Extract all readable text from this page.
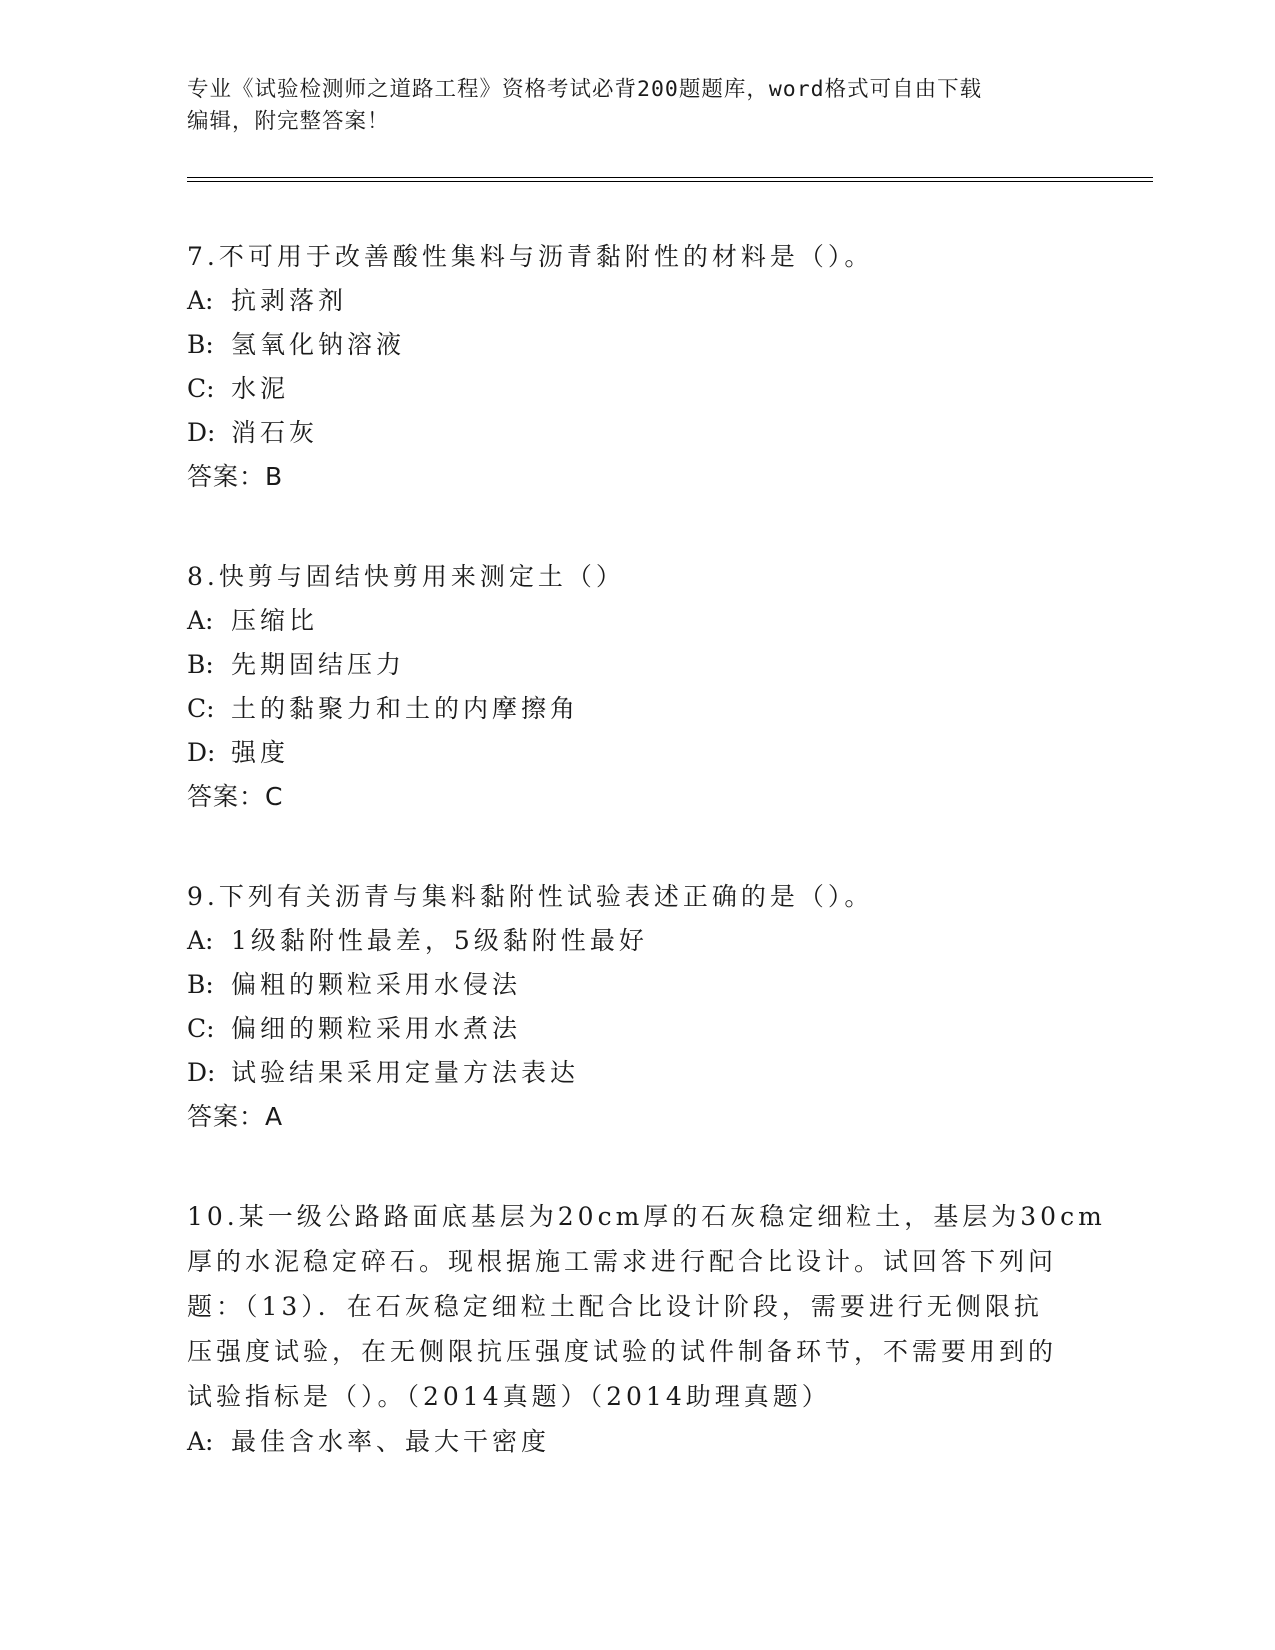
专业《试验检测师之道路工程》资格考试必背200题题库，word格式可自由下载
编辑，附完整答案！
7.不可用于改善酸性集料与沥青黏附性的材料是（）。
A: 抗剥落剂
B: 氢氧化钠溶液
C: 水泥
D: 消石灰
答案：B
8.快剪与固结快剪用来测定土（）
A: 压缩比
B: 先期固结压力
C: 土的黏聚力和土的内摩擦角
D: 强度
答案：C
9.下列有关沥青与集料黏附性试验表述正确的是（）。
A: 1级黏附性最差，5级黏附性最好
B: 偏粗的颗粒采用水侵法
C: 偏细的颗粒采用水煮法
D: 试验结果采用定量方法表达
答案：A
10.某一级公路路面底基层为20cm厚的石灰稳定细粒土，基层为30cm
厚的水泥稳定碎石。现根据施工需求进行配合比设计。试回答下列问
题：（13）．在石灰稳定细粒土配合比设计阶段，需要进行无侧限抗
压强度试验，在无侧限抗压强度试验的试件制备环节，不需要用到的
试验指标是（）。（2014真题）（2014助理真题）
A: 最佳含水率、最大干密度
